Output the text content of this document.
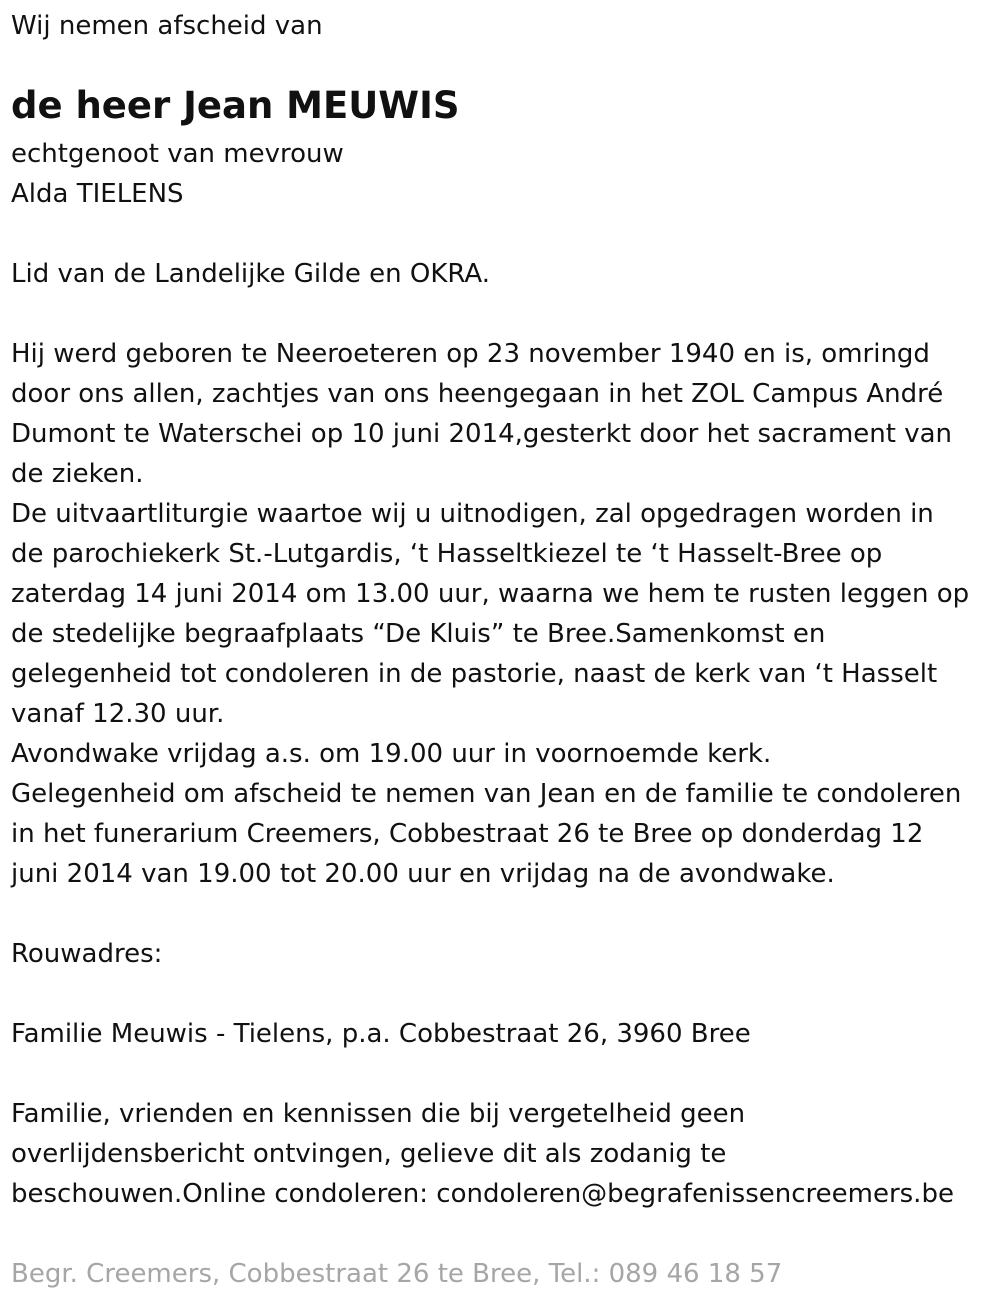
Wij nemen afscheid van
de heer Jean MEUWIS
echtgenoot van mevrouw
Alda TIELENS
Lid van de Landelijke Gilde en OKRA.
Hij werd geboren te Neeroeteren op 23 november 1940 en is, omringd
door ons allen, zachtjes van ons heengegaan in het ZOL Campus André
Dumont te Waterschei op 10 juni 2014,gesterkt door het sacrament van
de zieken.
De uitvaartliturgie waartoe wij u uitnodigen, zal opgedragen worden in
de parochiekerk St.-Lutgardis, ‘t Hasseltkiezel te ‘t Hasselt-Bree op
zaterdag 14 juni 2014 om 13.00 uur, waarna we hem te rusten leggen op
de stedelijke begraafplaats “De Kluis” te Bree.Samenkomst en
gelegenheid tot condoleren in de pastorie, naast de kerk van ‘t Hasselt
vanaf 12.30 uur.
Avondwake vrijdag a.s. om 19.00 uur in voornoemde kerk.
Gelegenheid om afscheid te nemen van Jean en de familie te condoleren
in het funerarium Creemers, Cobbestraat 26 te Bree op donderdag 12
juni 2014 van 19.00 tot 20.00 uur en vrijdag na de avondwake.
Rouwadres:
Familie Meuwis - Tielens, p.a. Cobbestraat 26, 3960 Bree
Familie, vrienden en kennissen die bij vergetelheid geen
overlijdensbericht ontvingen, gelieve dit als zodanig te
beschouwen.Online condoleren: condoleren@begrafenissencreemers.be
Begr. Creemers, Cobbestraat 26 te Bree, Tel.: 089 46 18 57
